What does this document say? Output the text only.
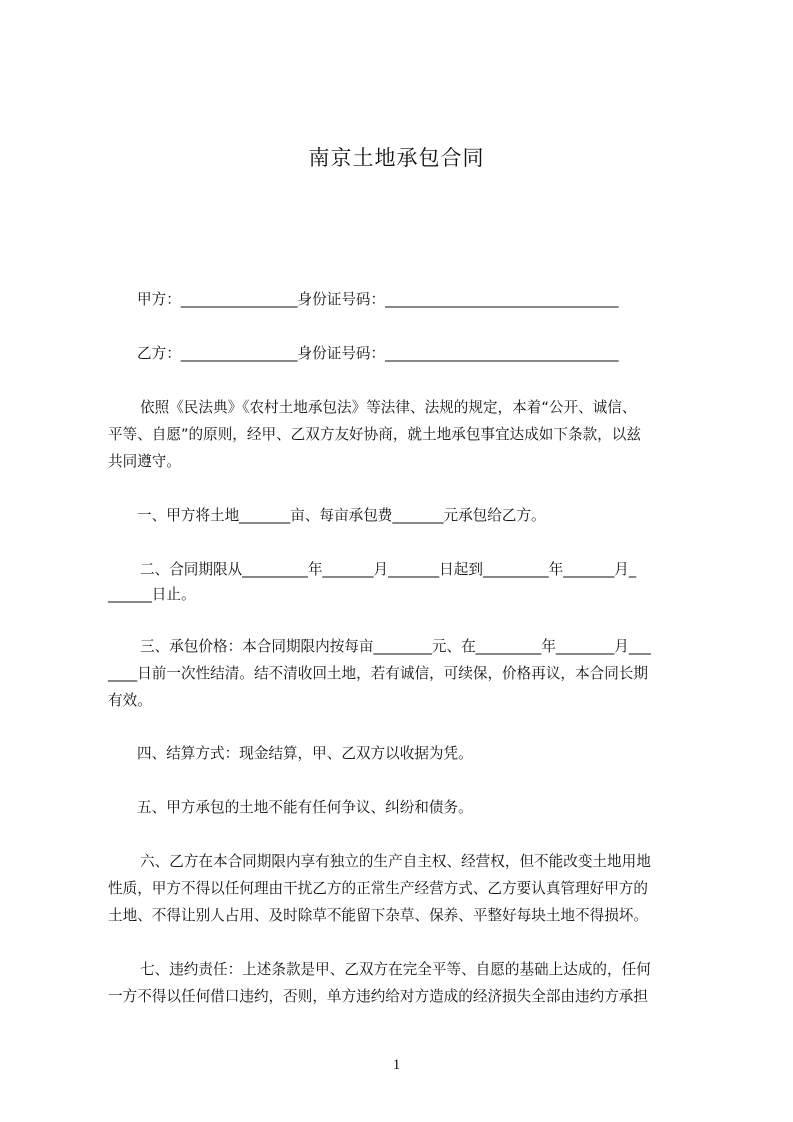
南京土地承包合同
甲方：________________身份证号码：________________________________
乙方：________________身份证号码：________________________________
依照《民法典》《农村土地承包法》等法律、法规的规定，本着“公开、诚信、
平等、自愿”的原则，经甲、乙双方友好协商，就土地承包事宜达成如下条款，以兹
共同遵守。
一、甲方将土地_______亩、每亩承包费_______元承包给乙方。
二、合同期限从_________年_______月_______日起到_________年_______月_
______日止。
三、承包价格：本合同期限内按每亩________元、在_________年________月___
____日前一次性结清。结不清收回土地，若有诚信，可续保，价格再议，本合同长期
有效。
四、结算方式：现金结算，甲、乙双方以收据为凭。
五、甲方承包的土地不能有任何争议、纠纷和债务。
六、乙方在本合同期限内享有独立的生产自主权、经营权，但不能改变土地用地
性质，甲方不得以任何理由干扰乙方的正常生产经营方式、乙方要认真管理好甲方的
土地、不得让别人占用、及时除草不能留下杂草、保养、平整好每块土地不得损坏。
七、违约责任：上述条款是甲、乙双方在完全平等、自愿的基础上达成的，任何
一方不得以任何借口违约，否则，单方违约给对方造成的经济损失全部由违约方承担
1
